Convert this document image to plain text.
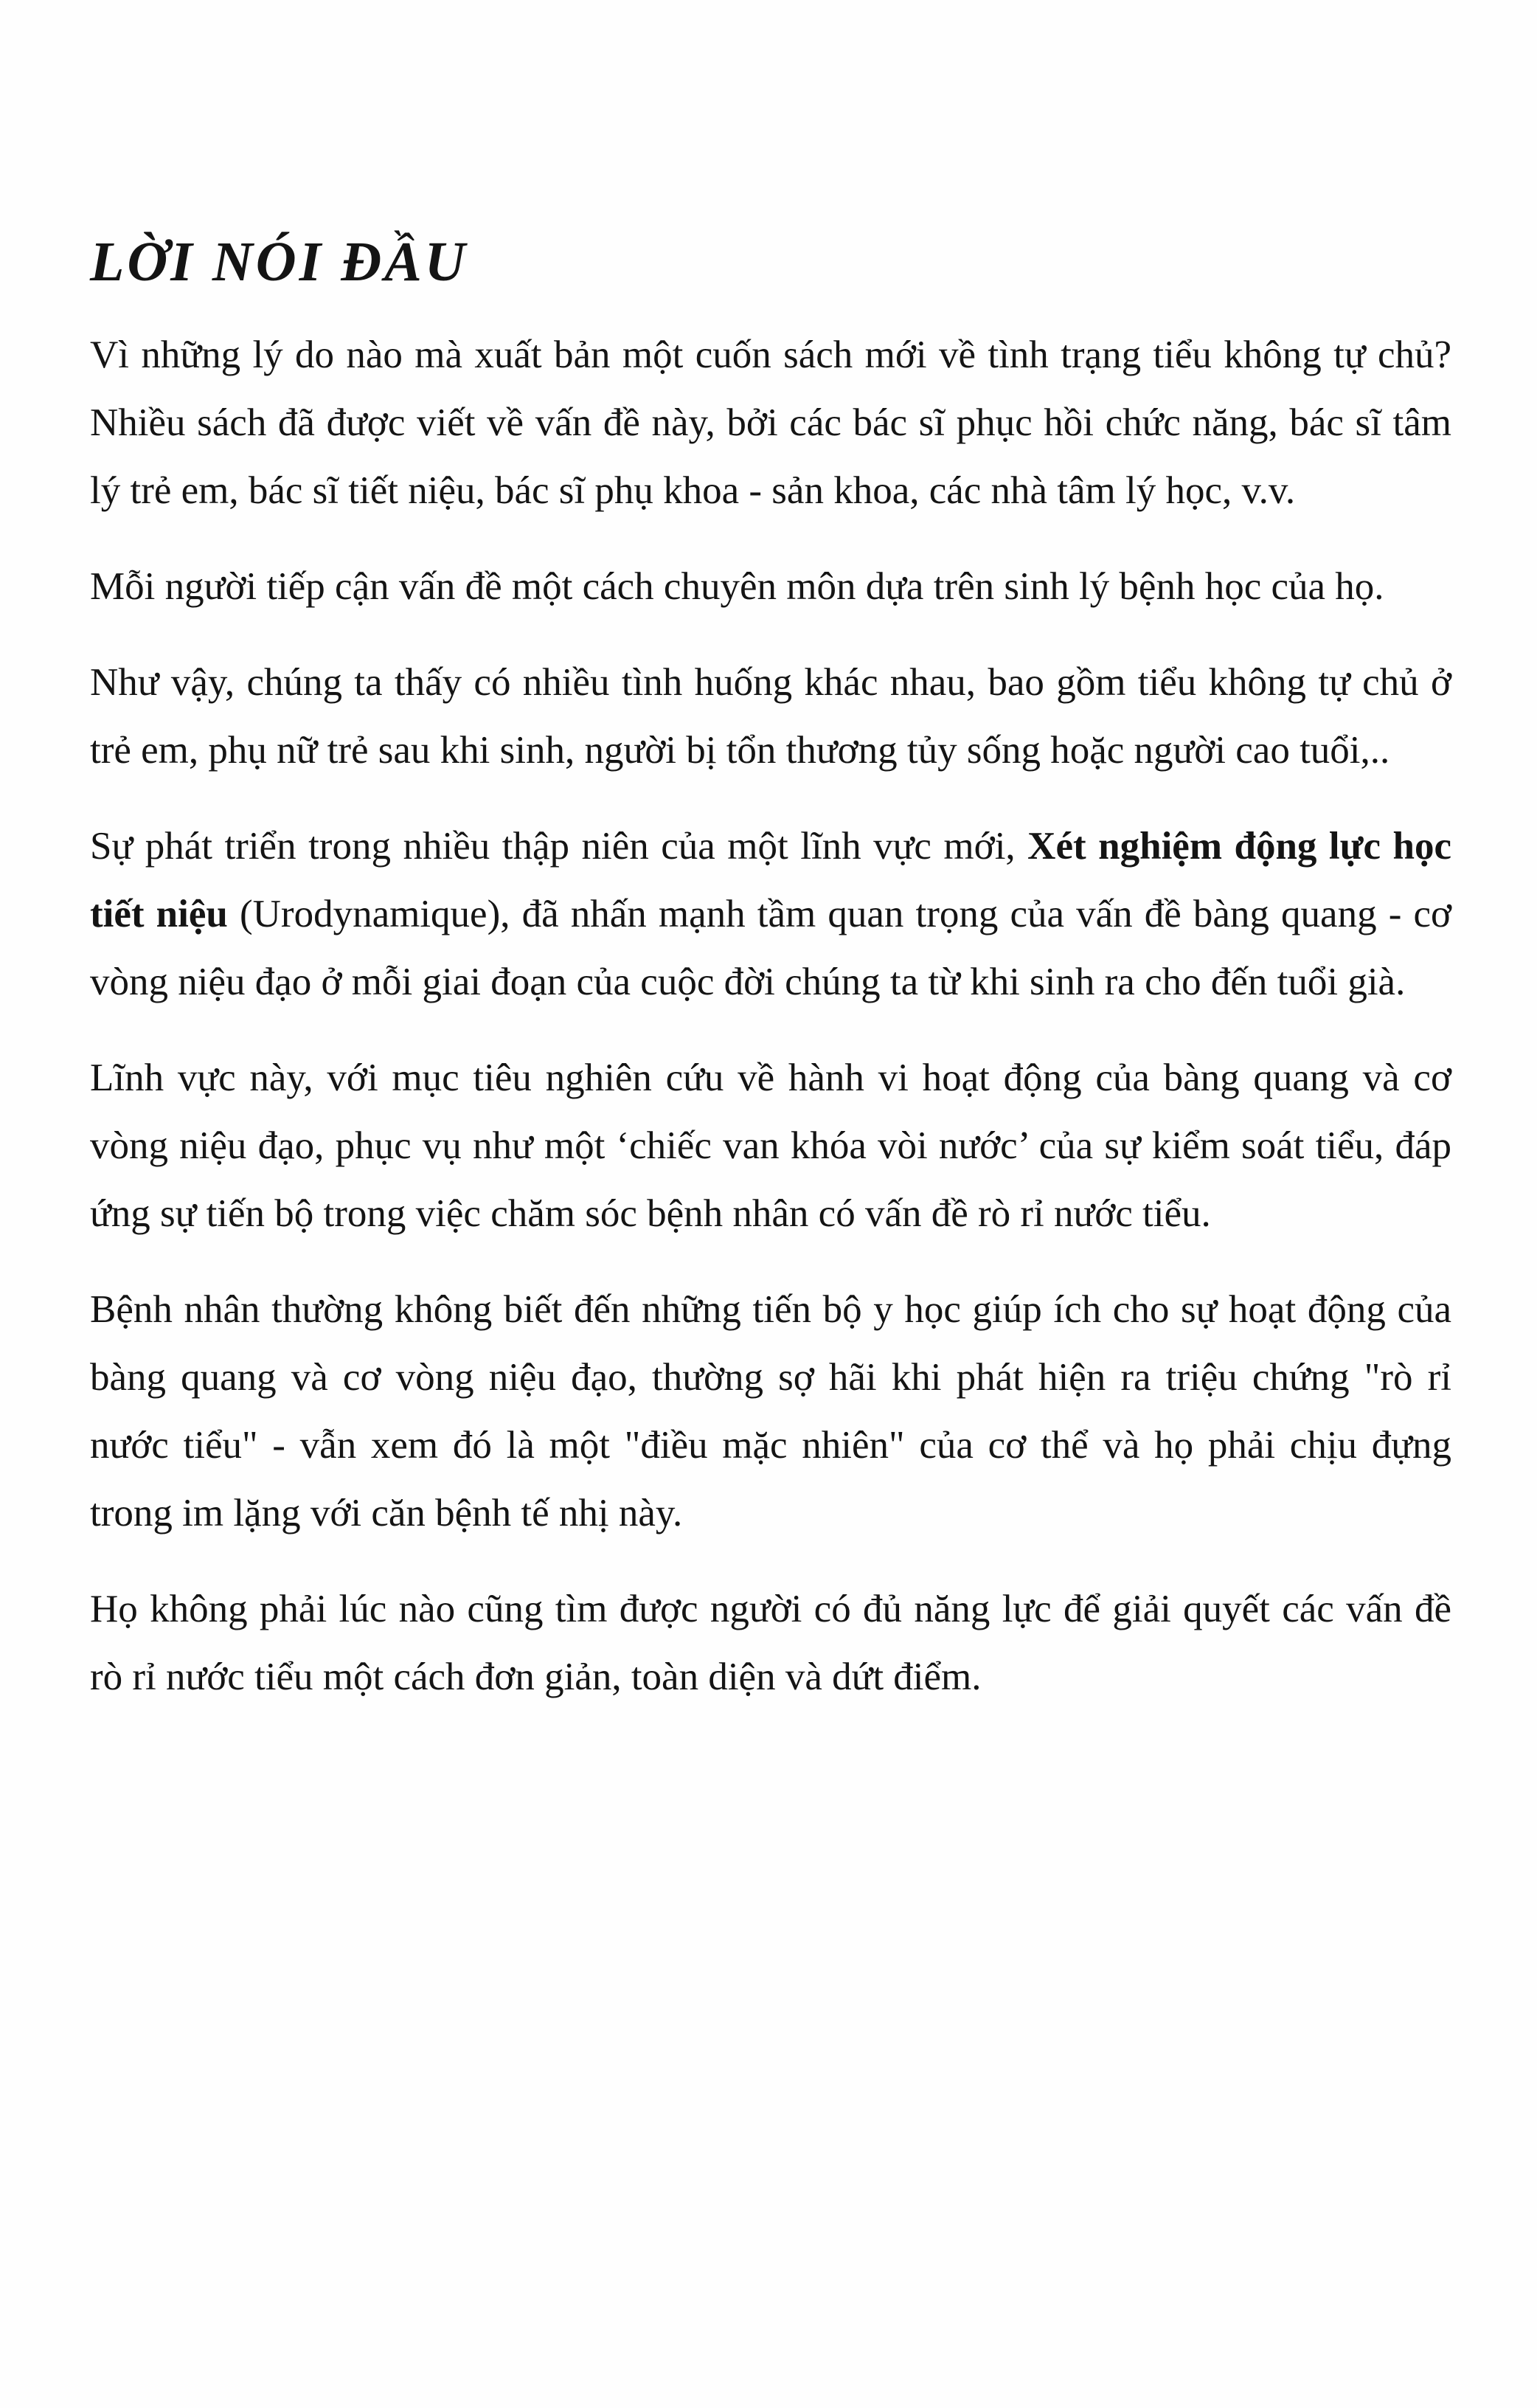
LỜI NÓI ĐẦU

Vì những lý do nào mà xuất bản một cuốn sách mới về tình trạng tiểu không tự chủ? Nhiều sách đã được viết về vấn đề này, bởi các bác sĩ phục hồi chức năng, bác sĩ tâm lý trẻ em, bác sĩ tiết niệu, bác sĩ phụ khoa - sản khoa, các nhà tâm lý học, v.v.

Mỗi người tiếp cận vấn đề một cách chuyên môn dựa trên sinh lý bệnh học của họ.

Như vậy, chúng ta thấy có nhiều tình huống khác nhau, bao gồm tiểu không tự chủ ở trẻ em, phụ nữ trẻ sau khi sinh, người bị tổn thương tủy sống hoặc người cao tuổi,..

Sự phát triển trong nhiều thập niên của một lĩnh vực mới, Xét nghiệm động lực học tiết niệu (Urodynamique), đã nhấn mạnh tầm quan trọng của vấn đề bàng quang - cơ vòng niệu đạo ở mỗi giai đoạn của cuộc đời chúng ta từ khi sinh ra cho đến tuổi già.

Lĩnh vực này, với mục tiêu nghiên cứu về hành vi hoạt động của bàng quang và cơ vòng niệu đạo, phục vụ như một ‘chiếc van khóa vòi nước’ của sự kiểm soát tiểu, đáp ứng sự tiến bộ trong việc chăm sóc bệnh nhân có vấn đề rò rỉ nước tiểu.

Bệnh nhân thường không biết đến những tiến bộ y học giúp ích cho sự hoạt động của bàng quang và cơ vòng niệu đạo, thường sợ hãi khi phát hiện ra triệu chứng "rò rỉ nước tiểu" - vẫn xem đó là một "điều mặc nhiên" của cơ thể và họ phải chịu đựng trong im lặng với căn bệnh tế nhị này.

Họ không phải lúc nào cũng tìm được người có đủ năng lực để giải quyết các vấn đề rò rỉ nước tiểu một cách đơn giản, toàn diện và dứt điểm.
